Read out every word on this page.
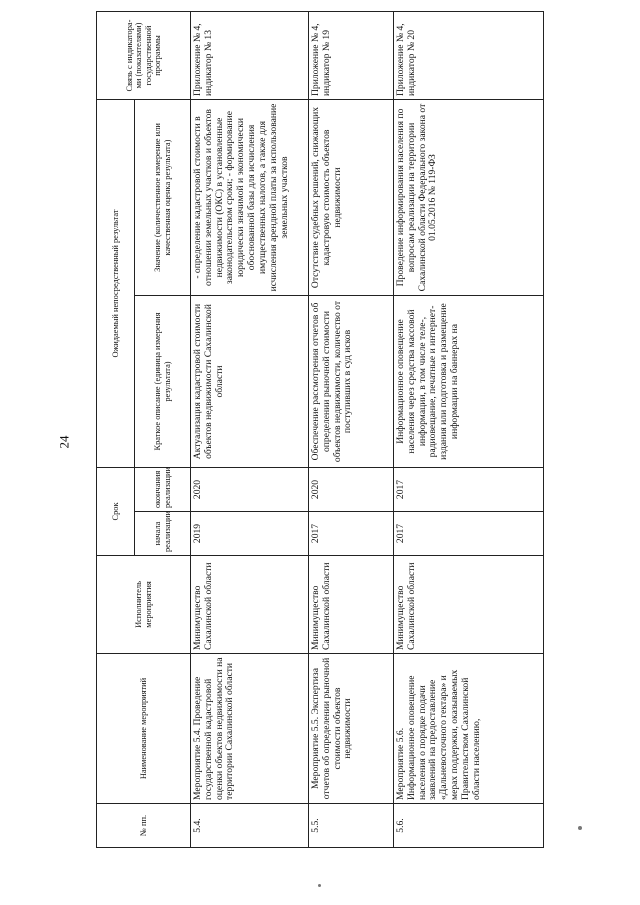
24
№ пп.	Наименование мероприятий	Исполнитель мероприятия	Срок		Ожидаемый непосредственный результат		Связь с индикатора-ми (показателями) государственной программы
			начала реализации	окончания реализации	Краткое описание (единица измерения результата)	Значение (количественное измерение или качественная оценка результата)	
5.4.	Мероприятие 5.4. Проведение государственной кадастровой оценки объектов недвижимости на территории Сахалинской области	Минимущество Сахалинской области	2019	2020	Актуализация кадастровой стоимости объектов недвижимости Сахалинской области	- определение кадастровой стоимости в отношении земельных участков и объектов недвижимости (ОКС) в установленные законодательством сроки; - формирование юридически значимой и экономически обоснованной базы для исчисления имущественных налогов, а также для исчисления арендной платы за использование земельных участков	Приложение № 4, индикатор № 13
5.5.	Мероприятие 5.5. Экспертиза отчетов об определении рыночной стоимости объектов недвижимости	Минимущество Сахалинской области	2017	2020	Обеспечение рассмотрения отчетов об определении рыночной стоимости объектов недвижимости, количество от поступивших в суд исков	Отсутствие судебных решений, снижающих кадастровую стоимость объектов недвижимости	Приложение № 4, индикатор № 19
5.6.	Мероприятие 5.6. Информационное оповещение населения о порядке подачи заявлений на предоставление «Дальневосточного гектара» и мерах поддержки, оказываемых Правительством Сахалинской области населению,	Минимущество Сахалинской области	2017	2017	Информационное оповещение населения через средства массовой информации, в том числе теле-, радиовещание, печатные и интернет-издания или подготовка и размещение информации на баннерах на	Проведение информирования населения по вопросам реализации на территории Сахалинской области Федерального закона от 01.05.2016 № 119-ФЗ	Приложение № 4, индикатор № 20
